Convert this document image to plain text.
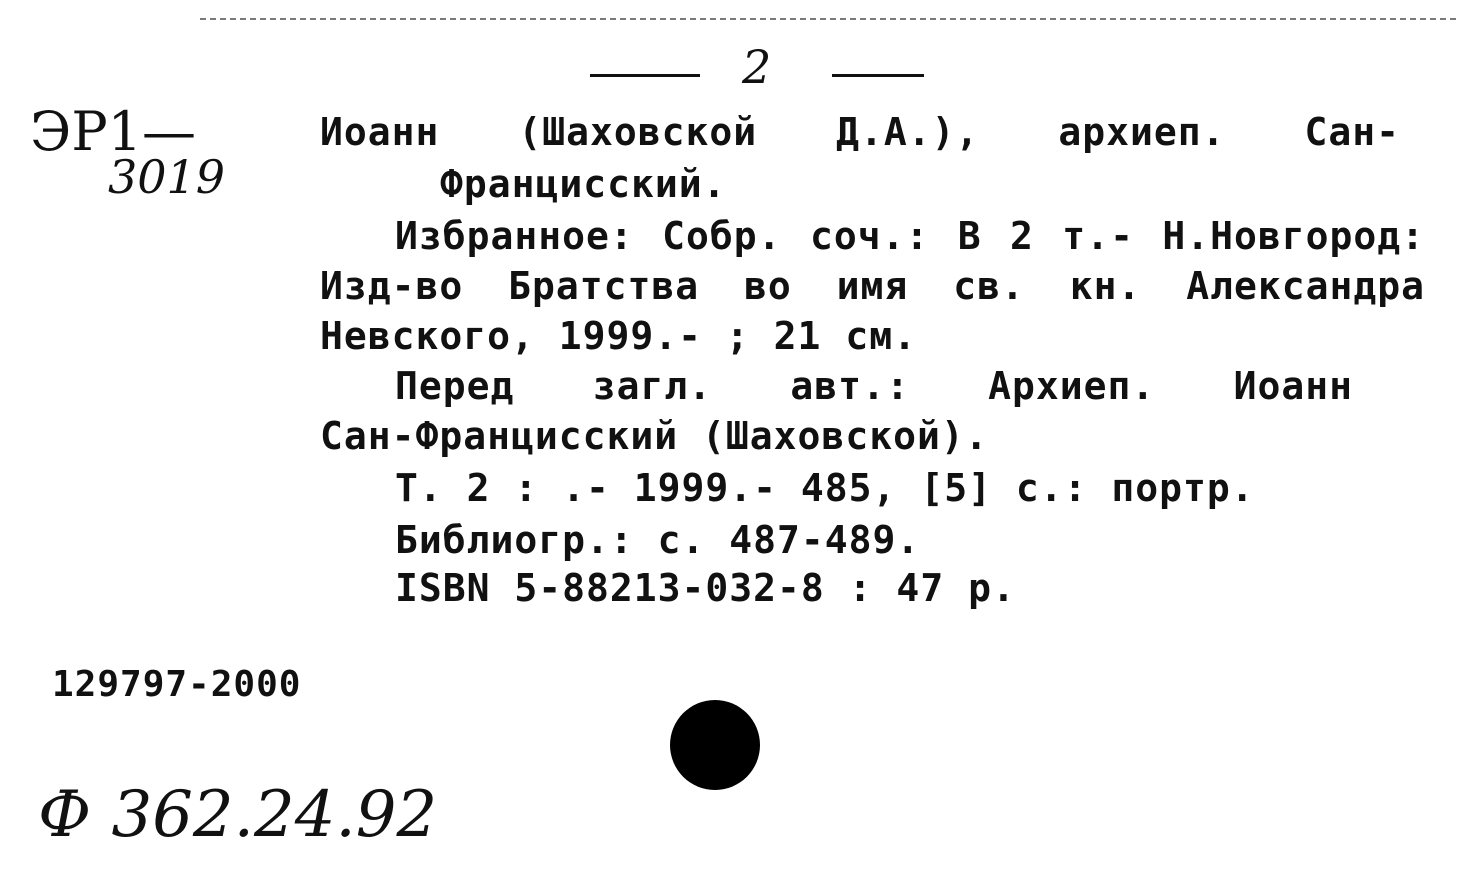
2
ЭР1—
3019
Иоанн (Шаховской Д.А.), архиеп. Сан-
Францисский.
Избранное: Собр. соч.: В 2 т.- Н.Новгород:
Изд-во Братства во имя св. кн. Александра
Невского, 1999.- ; 21 см.
Перед загл. авт.: Архиеп. Иоанн
Сан-Францисский (Шаховской).
Т. 2 : .- 1999.- 485, [5] с.: портр.
Библиогр.: с. 487-489.
ISBN 5-88213-032-8 : 47 р.
129797-2000
Ф 362.24.92
